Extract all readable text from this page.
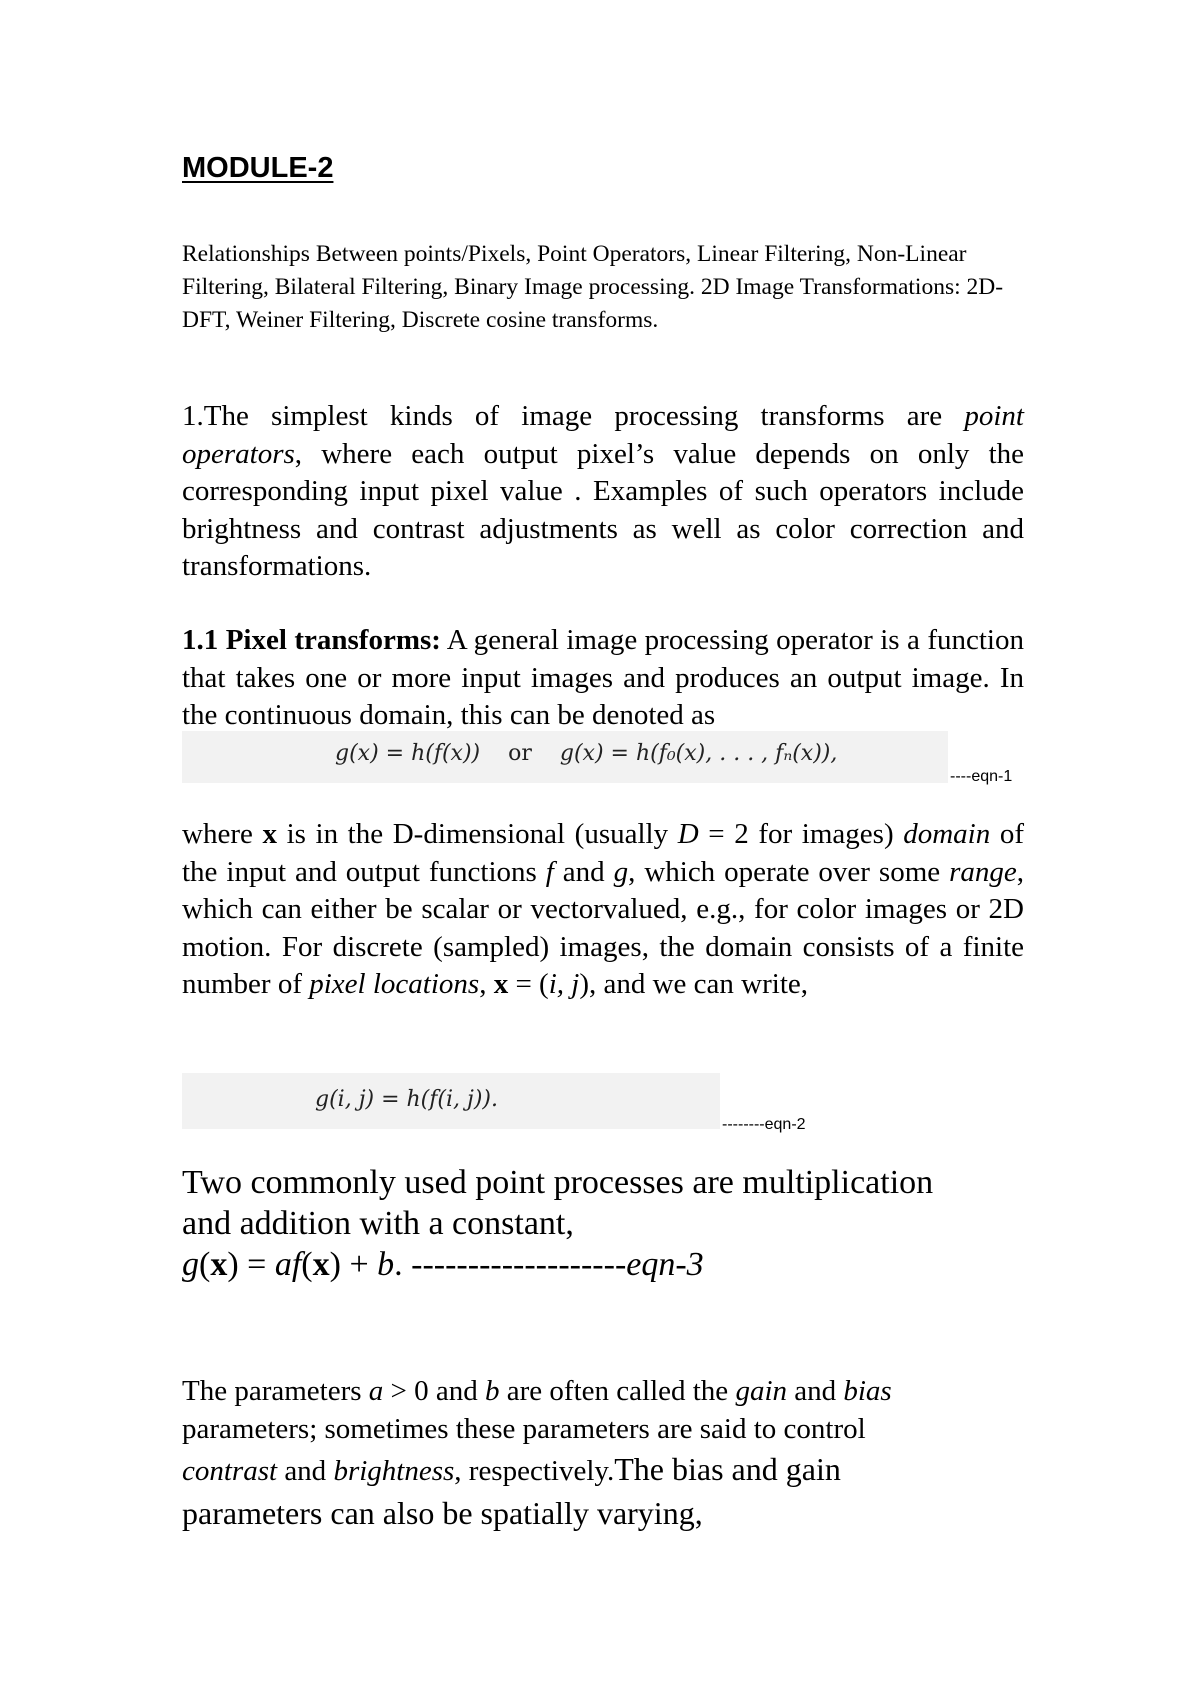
MODULE-2
Relationships Between points/Pixels, Point Operators, Linear Filtering, Non-Linear Filtering, Bilateral Filtering, Binary Image processing. 2D Image Transformations: 2D- DFT, Weiner Filtering, Discrete cosine transforms.
1.The simplest kinds of image processing transforms are point operators, where each output pixel’s value depends on only the corresponding input pixel value . Examples of such operators include brightness and contrast adjustments as well as color correction and transformations.
1.1 Pixel transforms: A general image processing operator is a function that takes one or more input images and produces an output image. In the continuous domain, this can be denoted as
g(x) = h(f(x)) or g(x) = h(f₀(x), . . . , fₙ(x)),
----eqn-1
where x is in the D-dimensional (usually D = 2 for images) domain of the input and output functions f and g, which operate over some range, which can either be scalar or vectorvalued, e.g., for color images or 2D motion. For discrete (sampled) images, the domain consists of a finite number of pixel locations, x = (i, j), and we can write,
g(i, j) = h(f(i, j)).
--------eqn-2
Two commonly used point processes are multiplication
and addition with a constant,
g(x) = af(x) + b. -------------------eqn-3
The parameters a > 0 and b are often called the gain and bias
parameters; sometimes these parameters are said to control
contrast and brightness, respectively.The bias and gain
parameters can also be spatially varying,
